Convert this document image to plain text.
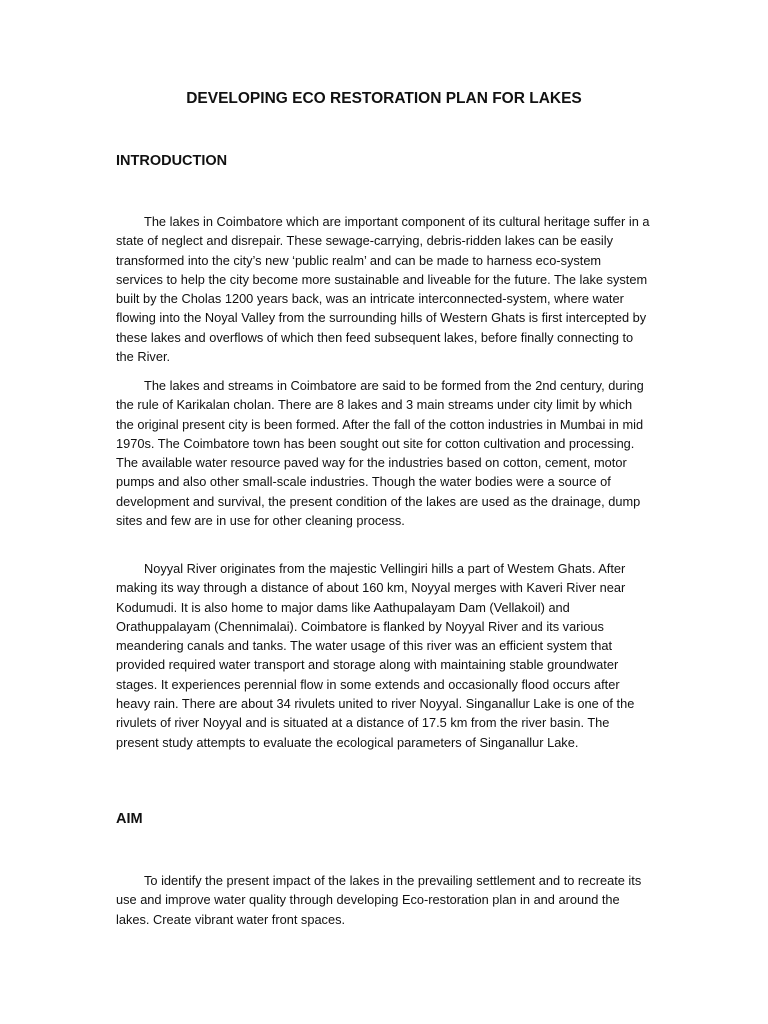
DEVELOPING ECO RESTORATION PLAN FOR LAKES
INTRODUCTION

The lakes in Coimbatore which are important component of its cultural heritage suffer in a state of neglect and disrepair. These sewage-carrying, debris-ridden lakes can be easily transformed into the city’s new ‘public realm’ and can be made to harness eco-system services to help the city become more sustainable and liveable for the future. The lake system built by the Cholas 1200 years back, was an intricate interconnected-system, where water flowing into the Noyal Valley from the surrounding hills of Western Ghats is first intercepted by these lakes and overflows of which then feed subsequent lakes, before finally connecting to the River.

The lakes and streams in Coimbatore are said to be formed from the 2nd century, during the rule of Karikalan cholan. There are 8 lakes and 3 main streams under city limit by which the original present city is been formed. After the fall of the cotton industries in Mumbai in mid 1970s. The Coimbatore town has been sought out site for cotton cultivation and processing. The available water resource paved way for the industries based on cotton, cement, motor pumps and also other small-scale industries. Though the water bodies were a source of development and survival, the present condition of the lakes are used as the drainage, dump sites and few are in use for other cleaning process.

Noyyal River originates from the majestic Vellingiri hills a part of Westem Ghats. After making its way through a distance of about 160 km, Noyyal merges with Kaveri River near Kodumudi. It is also home to major dams like Aathupalayam Dam (Vellakoil) and Orathuppalayam (Chennimalai). Coimbatore is flanked by Noyyal River and its various meandering canals and tanks. The water usage of this river was an efficient system that provided required water transport and storage along with maintaining stable groundwater stages. It experiences perennial flow in some extends and occasionally flood occurs after heavy rain. There are about 34 rivulets united to river Noyyal. Singanallur Lake is one of the rivulets of river Noyyal and is situated at a distance of 17.5 km from the river basin. The present study attempts to evaluate the ecological parameters of Singanallur Lake.

AIM

To identify the present impact of the lakes in the prevailing settlement and to recreate its use and improve water quality through developing Eco-restoration plan in and around the lakes. Create vibrant water front spaces.
